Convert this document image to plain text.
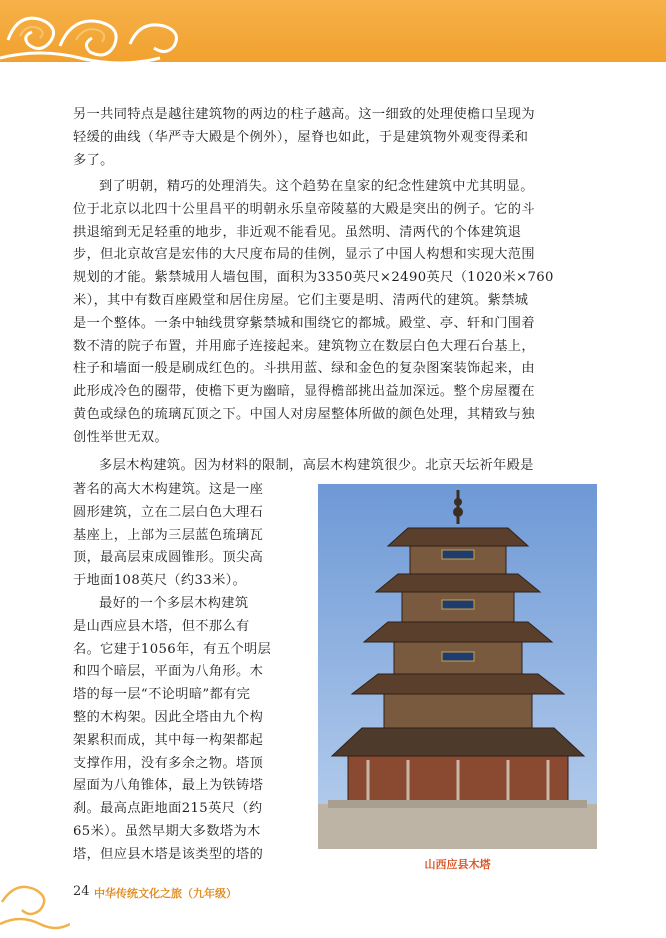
另一共同特点是越往建筑物的两边的柱子越高。这一细致的处理使檐口呈现为
轻缓的曲线（华严寺大殿是个例外），屋脊也如此，于是建筑物外观变得柔和
多了。
到了明朝，精巧的处理消失。这个趋势在皇家的纪念性建筑中尤其明显。
位于北京以北四十公里昌平的明朝永乐皇帝陵墓的大殿是突出的例子。它的斗
拱退缩到无足轻重的地步，非近观不能看见。虽然明、清两代的个体建筑退
步，但北京故宫是宏伟的大尺度布局的佳例，显示了中国人构想和实现大范围
规划的才能。紫禁城用人墙包围，面积为3350英尺×2490英尺（1020米×760
米），其中有数百座殿堂和居住房屋。它们主要是明、清两代的建筑。紫禁城
是一个整体。一条中轴线贯穿紫禁城和围绕它的都城。殿堂、亭、轩和门围着
数不清的院子布置，并用廊子连接起来。建筑物立在数层白色大理石台基上，
柱子和墙面一般是刷成红色的。斗拱用蓝、绿和金色的复杂图案装饰起来，由
此形成冷色的圈带，使檐下更为幽暗，显得檐部挑出益加深远。整个房屋覆在
黄色或绿色的琉璃瓦顶之下。中国人对房屋整体所做的颜色处理，其精致与独
创性举世无双。
多层木构建筑。因为材料的限制，高层木构建筑很少。北京天坛祈年殿是
著名的高大木构建筑。这是一座
圆形建筑，立在二层白色大理石
基座上，上部为三层蓝色琉璃瓦
顶，最高层束成圆锥形。顶尖高
于地面108英尺（约33米）。
最好的一个多层木构建筑
是山西应县木塔，但不那么有
名。它建于1056年，有五个明层
和四个暗层，平面为八角形。木
塔的每一层“不论明暗”都有完
整的木构架。因此全塔由九个构
架累积而成，其中每一构架都起
支撑作用，没有多余之物。塔顶
屋面为八角锥体，最上为铁铸塔
刹。最高点距地面215英尺（约
65米）。虽然早期大多数塔为木
塔，但应县木塔是该类型的塔的
山西应县木塔
24 中华传统文化之旅（九年级）
